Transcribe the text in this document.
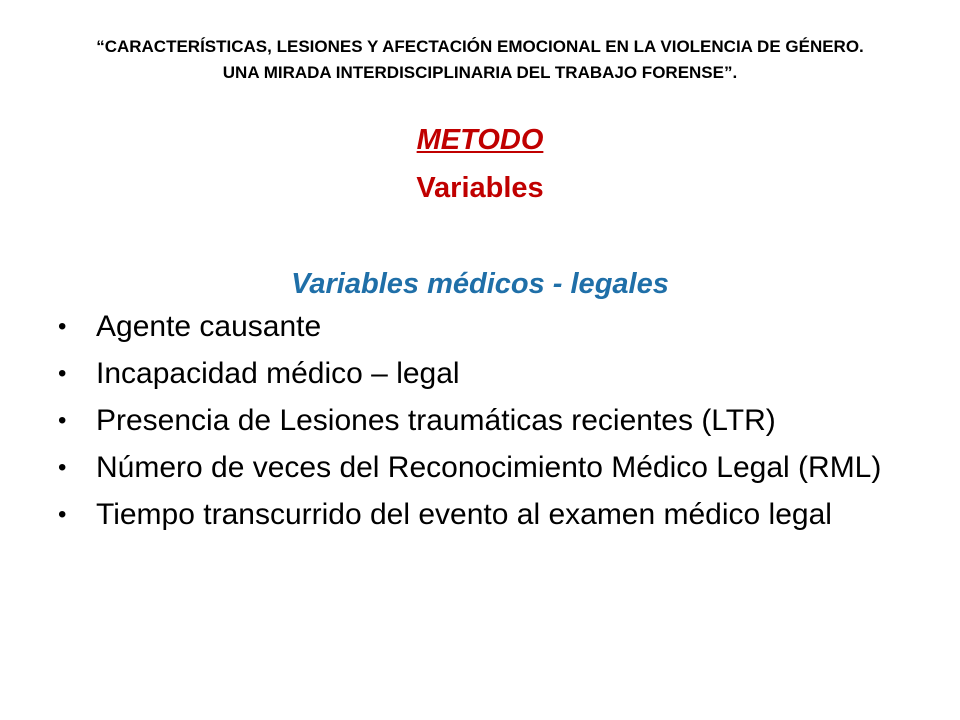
“CARACTERÍSTICAS, LESIONES Y AFECTACIÓN EMOCIONAL EN LA VIOLENCIA DE GÉNERO. UNA MIRADA INTERDISCIPLINARIA DEL TRABAJO FORENSE”.
METODO
Variables
Variables médicos - legales
• Agente causante
• Incapacidad médico – legal
• Presencia de Lesiones traumáticas recientes (LTR)
• Número de veces del Reconocimiento Médico Legal (RML)
• Tiempo transcurrido del evento al examen médico legal
